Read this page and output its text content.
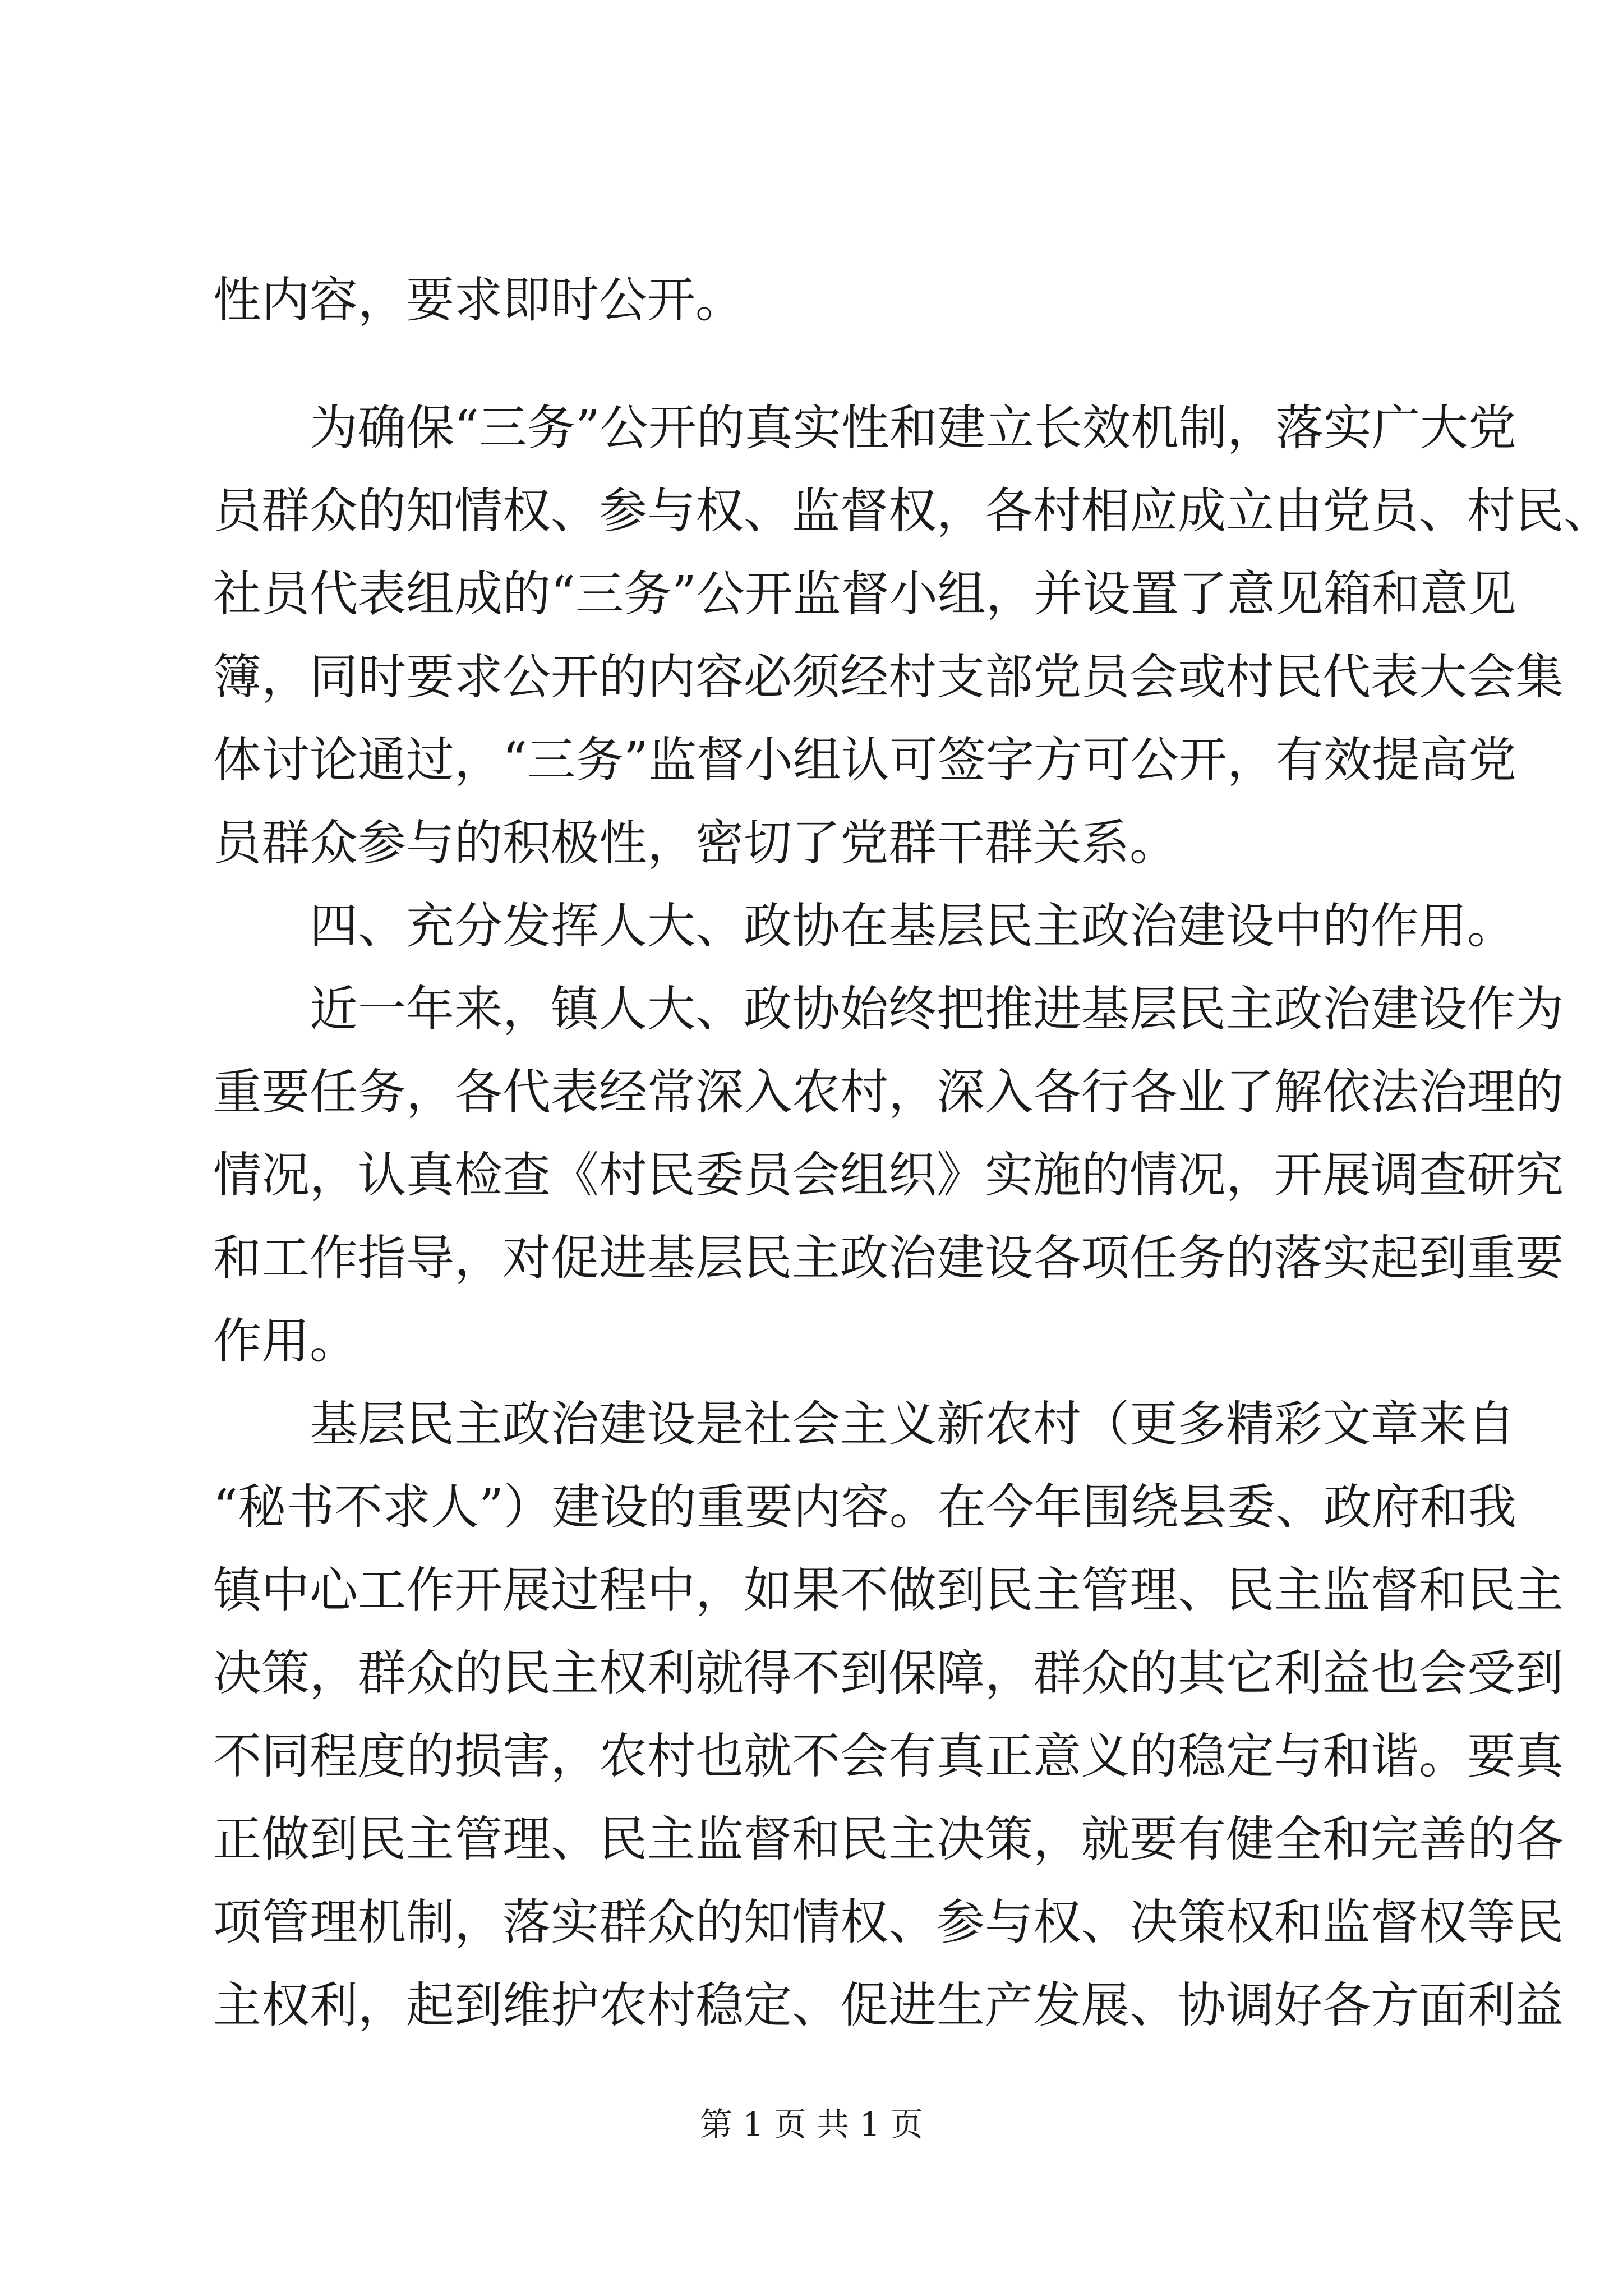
性内容，要求即时公开。
为确保“三务”公开的真实性和建立长效机制，落实广大党
员群众的知情权、参与权、监督权，各村相应成立由党员、村民、
社员代表组成的“三务”公开监督小组，并设置了意见箱和意见
簿，同时要求公开的内容必须经村支部党员会或村民代表大会集
体讨论通过，“三务”监督小组认可签字方可公开，有效提高党
员群众参与的积极性，密切了党群干群关系。
四、充分发挥人大、政协在基层民主政治建设中的作用。
近一年来，镇人大、政协始终把推进基层民主政治建设作为
重要任务，各代表经常深入农村，深入各行各业了解依法治理的
情况，认真检查《村民委员会组织》实施的情况，开展调查研究
和工作指导，对促进基层民主政治建设各项任务的落实起到重要
作用。
基层民主政治建设是社会主义新农村（更多精彩文章来自
“秘书不求人”）建设的重要内容。在今年围绕县委、政府和我
镇中心工作开展过程中，如果不做到民主管理、民主监督和民主
决策，群众的民主权利就得不到保障，群众的其它利益也会受到
不同程度的损害，农村也就不会有真正意义的稳定与和谐。要真
正做到民主管理、民主监督和民主决策，就要有健全和完善的各
项管理机制，落实群众的知情权、参与权、决策权和监督权等民
主权利，起到维护农村稳定、促进生产发展、协调好各方面利益
第 1 页 共 1 页
